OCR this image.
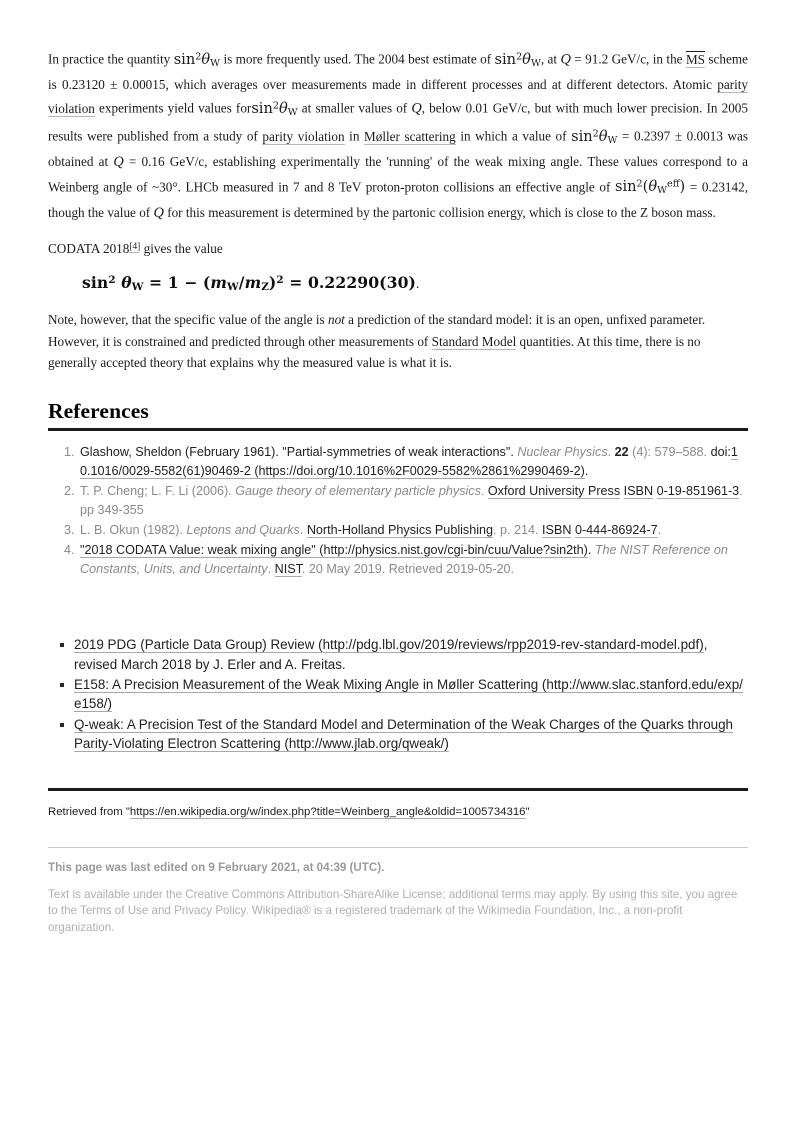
In practice the quantity $\sin^2\theta_W$ is more frequently used. The 2004 best estimate of $\sin^2\theta_W$, at Q = 91.2 GeV/c, in the MS scheme is 0.23120 ± 0.00015, which averages over measurements made in different processes and at different detectors. Atomic parity violation experiments yield values $forsin^2\theta_W$ at smaller values of Q, below 0.01 GeV/c, but with much lower precision. In 2005 results were published from a study of parity violation in Møller scattering in which a value of $\sin^2\theta_W = 0.2397 \pm 0.0013$ was obtained at Q = 0.16 GeV/c, establishing experimentally the 'running' of the weak mixing angle. These values correspond to a Weinberg angle of ~30°. LHCb measured in 7 and 8 TeV proton-proton collisions an effective angle of $\sin^2(\theta_W^{eff}) = 0.23142$, though the value of Q for this measurement is determined by the partonic collision energy, which is close to the Z boson mass.

CODATA 2018[4] gives the value

$\sin^2 \theta_W = 1 - (m_W/m_Z)^2 = 0.22290(30)$.

Note, however, that the specific value of the angle is not a prediction of the standard model: it is an open, unfixed parameter. However, it is constrained and predicted through other measurements of Standard Model quantities. At this time, there is no generally accepted theory that explains why the measured value is what it is.

References
1. Glashow, Sheldon (February 1961). "Partial-symmetries of weak interactions". Nuclear Physics. 22 (4): 579–588. doi:10.1016/0029-5582(61)90469-2 (https://doi.org/10.1016%2F0029-5582%2861%2990469-2).
2. T. P. Cheng; L. F. Li (2006). Gauge theory of elementary particle physics. Oxford University Press ISBN 0-19-851961-3. pp 349-355
3. L. B. Okun (1982). Leptons and Quarks. North-Holland Physics Publishing. p. 214. ISBN 0-444-86924-7.
4. "2018 CODATA Value: weak mixing angle" (http://physics.nist.gov/cgi-bin/cuu/Value?sin2th). The NIST Reference on Constants, Units, and Uncertainty. NIST. 20 May 2019. Retrieved 2019-05-20.
2019 PDG (Particle Data Group) Review (http://pdg.lbl.gov/2019/reviews/rpp2019-rev-standard-model.pdf), revised March 2018 by J. Erler and A. Freitas.
E158: A Precision Measurement of the Weak Mixing Angle in Møller Scattering (http://www.slac.stanford.edu/exp/e158/)
Q-weak: A Precision Test of the Standard Model and Determination of the Weak Charges of the Quarks through Parity-Violating Electron Scattering (http://www.jlab.org/qweak/)

Retrieved from "https://en.wikipedia.org/w/index.php?title=Weinberg_angle&oldid=1005734316"

This page was last edited on 9 February 2021, at 04:39 (UTC).

Text is available under the Creative Commons Attribution-ShareAlike License; additional terms may apply. By using this site, you agree to the Terms of Use and Privacy Policy. Wikipedia® is a registered trademark of the Wikimedia Foundation, Inc., a non-profit organization.
